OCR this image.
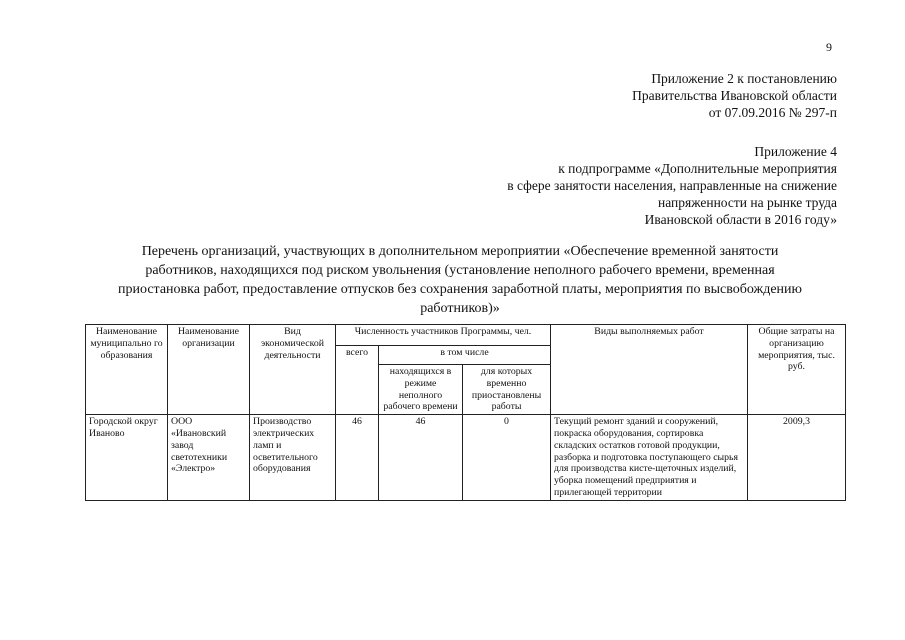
9
Приложение 2 к постановлению
Правительства Ивановской области
от 07.09.2016 № 297-п
Приложение 4
к подпрограмме «Дополнительные мероприятия
в сфере занятости населения, направленные на снижение
напряженности на рынке труда
Ивановской области в 2016 году»
Перечень организаций, участвующих в дополнительном мероприятии «Обеспечение временной занятости
работников, находящихся под риском увольнения (установление неполного рабочего времени, временная
приостановка работ, предоставление отпусков без сохранения заработной платы, мероприятия по высвобождению
работников)»
Наименование муниципально го образования	Наименование организации	Вид экономической деятельности	Численность участников Программы, чел.			Виды выполняемых работ	Общие затраты на организацию мероприятия, тыс. руб.
			всего	в том числе			
				находящихся в режиме неполного рабочего времени	для которых временно приостановлены работы		
Городской округ Иваново	ООО «Ивановский завод светотехники «Электро»	Производство электрических ламп и осветительного оборудования	46	46	0	Текущий ремонт зданий и сооружений, покраска оборудования, сортировка складских остатков готовой продукции, разборка и подготовка поступающего сырья для производства кисте-щеточных изделий, уборка помещений предприятия и прилегающей территории	2009,3
